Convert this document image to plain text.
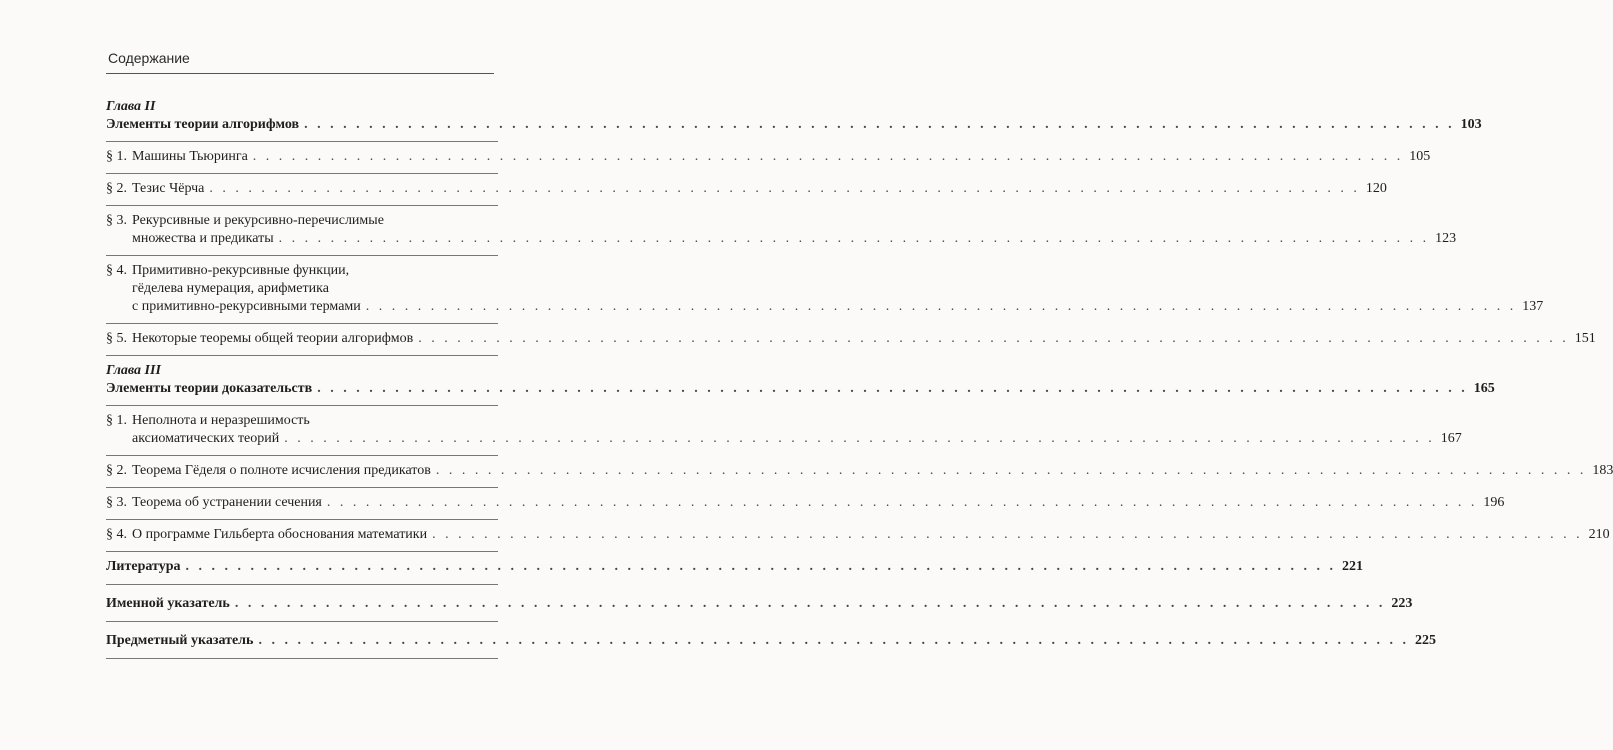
Содержание
Глава II
Элементы теории алгорифмов . . .	103
§ 1. Машины Тьюринга . . .	105
§ 2. Тезис Чёрча . . .	120
§ 3. Рекурсивные и рекурсивно-перечислимые
множества и предикаты . . .	123
§ 4. Примитивно-рекурсивные функции,
гёделева нумерация, арифметика
с примитивно-рекурсивными термами . . .	137
§ 5. Некоторые теоремы общей теории алгорифмов . . .	151
Глава III
Элементы теории доказательств . . .	165
§ 1. Неполнота и неразрешимость
аксиоматических теорий . . .	167
§ 2. Теорема Гёделя о полноте исчисления предикатов . . .	183
§ 3. Теорема об устранении сечения . . .	196
§ 4. О программе Гильберта обоснования математики . . .	210
Литература . . .	221
Именной указатель . . .	223
Предметный указатель . . .	225
